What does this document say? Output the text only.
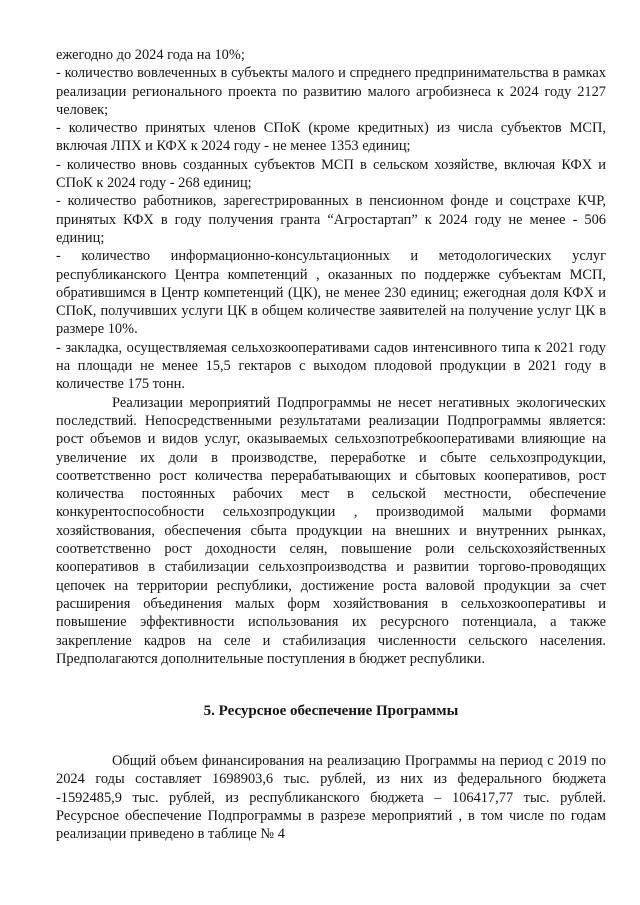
ежегодно до 2024 года на 10%;

- количество вовлеченных в субъекты малого и спреднего предпринимательства в рамках реализации регионального проекта по развитию малого агробизнеса к 2024 году 2127 человек;

- количество принятых членов СПоК (кроме кредитных) из числа субъектов МСП, включая ЛПХ и КФХ к 2024 году - не менее 1353 единиц;

- количество вновь созданных субъектов МСП в сельском хозяйстве, включая КФХ и СПоК к 2024 году - 268 единиц;

- количество работников, зарегестрированных в пенсионном фонде и соцстрахе КЧР, принятых КФХ в году получения гранта “Агростартап” к 2024 году не менее - 506 единиц;

- количество информационно-консультационных и методологических услуг республиканского Центра компетенций , оказанных по поддержке субъектам МСП, обратившимся в Центр компетенций (ЦК), не менее 230 единиц; ежегодная доля КФХ и СПоК, получивших услуги ЦК в общем количестве заявителей на получение услуг ЦК в размере 10%.

- закладка, осуществляемая сельхозкооперативами садов интенсивного типа к 2021 году на площади не менее 15,5 гектаров с выходом плодовой продукции в 2021 году в количестве 175 тонн.

Реализации мероприятий Подпрограммы не несет негативных экологических последствий. Непосредственными результатами реализации Подпрограммы является: рост объемов и видов услуг, оказываемых сельхозпотребкооперативами влияющие на увеличение их доли в производстве, переработке и сбыте сельхозпродукции, соответственно рост количества перерабатывающих и сбытовых кооперативов, рост количества постоянных рабочих мест в сельской местности, обеспечение конкурентоспособности сельхозпродукции , производимой малыми формами хозяйствования, обеспечения сбыта продукции на внешних и внутренних рынках, соответственно рост доходности селян, повышение роли сельскохозяйственных кооперативов в стабилизации сельхозпроизводства и развитии торгово-проводящих цепочек на территории республики, достижение роста валовой продукции за счет расширения объединения малых форм хозяйствования в сельхозкооперативы и повышение эффективности использования их ресурсного потенциала, а также закрепление кадров на селе и стабилизация численности сельского населения. Предполагаются дополнительные поступления в бюджет республики.

5. Ресурсное обеспечение Программы

Общий объем финансирования на реализацию Программы на период с 2019 по 2024 годы составляет 1698903,6 тыс. рублей, из них из федерального бюджета -1592485,9 тыс. рублей, из республиканского бюджета – 106417,77 тыс. рублей. Ресурсное обеспечение Подпрограммы в разрезе мероприятий , в том числе по годам реализации приведено в таблице № 4
